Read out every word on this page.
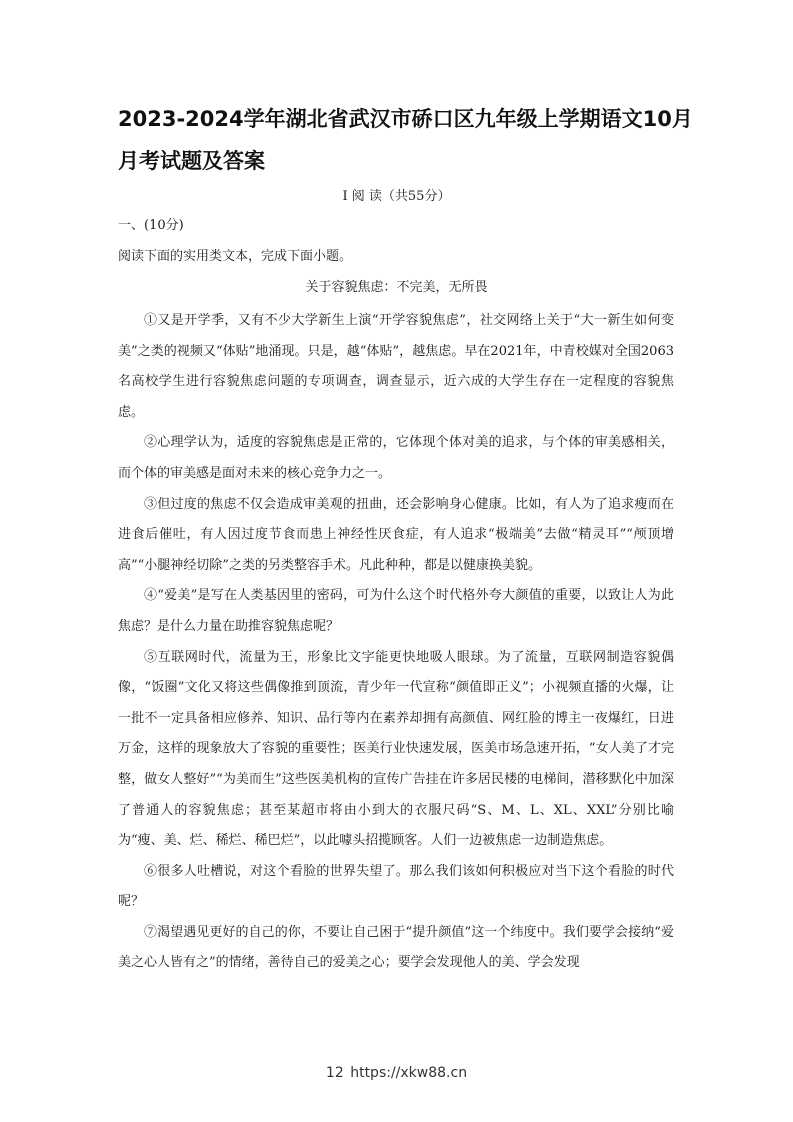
2023-2024学年湖北省武汉市硚口区九年级上学期语文10月月考试题及答案
I 阅 读（共55分）
一、(10分)
阅读下面的实用类文本，完成下面小题。
关于容貌焦虑：不完美，无所畏

①又是开学季，又有不少大学新生上演“开学容貌焦虑”，社交网络上关于“大一新生如何变美”之类的视频又“体贴”地涌现。只是，越“体贴”，越焦虑。早在2021年，中青校媒对全国2063名高校学生进行容貌焦虑问题的专项调查，调查显示，近六成的大学生存在一定程度的容貌焦虑。

②心理学认为，适度的容貌焦虑是正常的，它体现个体对美的追求，与个体的审美感相关，而个体的审美感是面对未来的核心竞争力之一。

③但过度的焦虑不仅会造成审美观的扭曲，还会影响身心健康。比如，有人为了追求瘦而在进食后催吐，有人因过度节食而患上神经性厌食症，有人追求“极端美”去做“精灵耳”“颅顶增高”“小腿神经切除”之类的另类整容手术。凡此种种，都是以健康换美貌。

④“爱美”是写在人类基因里的密码，可为什么这个时代格外夸大颜值的重要，以致让人为此焦虑？是什么力量在助推容貌焦虑呢？

⑤互联网时代，流量为王，形象比文字能更快地吸人眼球。为了流量，互联网制造容貌偶像，“饭圈”文化又将这些偶像推到顶流，青少年一代宣称“颜值即正义”；小视频直播的火爆，让一批不一定具备相应修养、知识、品行等内在素养却拥有高颜值、网红脸的博主一夜爆红，日进万金，这样的现象放大了容貌的重要性；医美行业快速发展，医美市场急速开拓，“女人美了才完整，做女人整好”“为美而生”这些医美机构的宣传广告挂在许多居民楼的电梯间，潜移默化中加深了普通人的容貌焦虑；甚至某超市将由小到大的衣服尺码“S、M、L、XL、XXL”分别比喻为“瘦、美、烂、稀烂、稀巴烂”，以此噱头招揽顾客。人们一边被焦虑一边制造焦虑。

⑥很多人吐槽说，对这个看脸的世界失望了。那么我们该如何积极应对当下这个看脸的时代呢？

⑦渴望遇见更好的自己的你，不要让自己困于“提升颜值”这一个纬度中。我们要学会接纳“爱美之心人皆有之”的情绪，善待自己的爱美之心；要学会发现他人的美、学会发现

12 https://xkw88.cn
